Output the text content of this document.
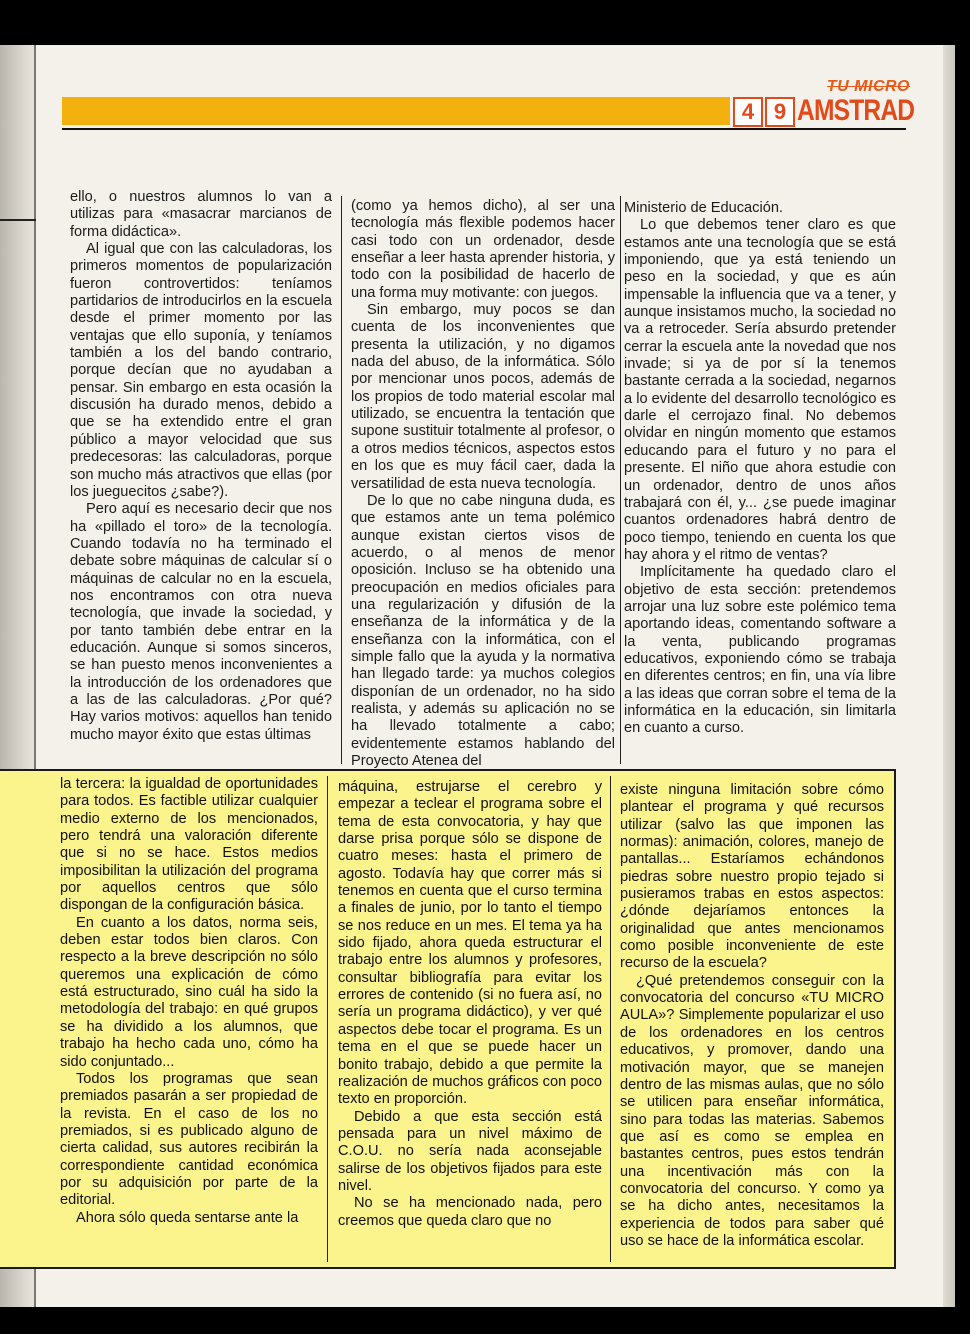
TU MICRO
4 9 AMSTRAD

ello, o nuestros alumnos lo van a utilizas para «masacrar marcianos de forma didáctica».

Al igual que con las calculadoras, los primeros momentos de popularización fueron controvertidos: teníamos partidarios de introducirlos en la escuela desde el primer momento por las ventajas que ello suponía, y teníamos también a los del bando contrario, porque decían que no ayudaban a pensar. Sin embargo en esta ocasión la discusión ha durado menos, debido a que se ha extendido entre el gran público a mayor velocidad que sus predecesoras: las calculadoras, porque son mucho más atractivos que ellas (por los jueguecitos ¿sabe?).

Pero aquí es necesario decir que nos ha «pillado el toro» de la tecnología. Cuando todavía no ha terminado el debate sobre máquinas de calcular sí o máquinas de calcular no en la escuela, nos encontramos con otra nueva tecnología, que invade la sociedad, y por tanto también debe entrar en la educación. Aunque si somos sinceros, se han puesto menos inconvenientes a la introducción de los ordenadores que a las de las calculadoras. ¿Por qué? Hay varios motivos: aquellos han tenido mucho mayor éxito que estas últimas

(como ya hemos dicho), al ser una tecnología más flexible podemos hacer casi todo con un ordenador, desde enseñar a leer hasta aprender historia, y todo con la posibilidad de hacerlo de una forma muy motivante: con juegos.

Sin embargo, muy pocos se dan cuenta de los inconvenientes que presenta la utilización, y no digamos nada del abuso, de la informática. Sólo por mencionar unos pocos, además de los propios de todo material escolar mal utilizado, se encuentra la tentación que supone sustituir totalmente al profesor, o a otros medios técnicos, aspectos estos en los que es muy fácil caer, dada la versatilidad de esta nueva tecnología.

De lo que no cabe ninguna duda, es que estamos ante un tema polémico aunque existan ciertos visos de acuerdo, o al menos de menor oposición. Incluso se ha obtenido una preocupación en medios oficiales para una regularización y difusión de la enseñanza de la informática y de la enseñanza con la informática, con el simple fallo que la ayuda y la normativa han llegado tarde: ya muchos colegios disponían de un ordenador, no ha sido realista, y además su aplicación no se ha llevado totalmente a cabo; evidentemente estamos hablando del Proyecto Atenea del

Ministerio de Educación.

Lo que debemos tener claro es que estamos ante una tecnología que se está imponiendo, que ya está teniendo un peso en la sociedad, y que es aún impensable la influencia que va a tener, y aunque insistamos mucho, la sociedad no va a retroceder. Sería absurdo pretender cerrar la escuela ante la novedad que nos invade; si ya de por sí la tenemos bastante cerrada a la sociedad, negarnos a lo evidente del desarrollo tecnológico es darle el cerrojazo final. No debemos olvidar en ningún momento que estamos educando para el futuro y no para el presente. El niño que ahora estudie con un ordenador, dentro de unos años trabajará con él, y... ¿se puede imaginar cuantos ordenadores habrá dentro de poco tiempo, teniendo en cuenta los que hay ahora y el ritmo de ventas?

Implícitamente ha quedado claro el objetivo de esta sección: pretendemos arrojar una luz sobre este polémico tema aportando ideas, comentando software a la venta, publicando programas educativos, exponiendo cómo se trabaja en diferentes centros; en fin, una vía libre a las ideas que corran sobre el tema de la informática en la educación, sin limitarla en cuanto a curso.

la tercera: la igualdad de oportunidades para todos. Es factible utilizar cualquier medio externo de los mencionados, pero tendrá una valoración diferente que si no se hace. Estos medios imposibilitan la utilización del programa por aquellos centros que sólo dispongan de la configuración básica.

En cuanto a los datos, norma seis, deben estar todos bien claros. Con respecto a la breve descripción no sólo queremos una explicación de cómo está estructurado, sino cuál ha sido la metodología del trabajo: en qué grupos se ha dividido a los alumnos, que trabajo ha hecho cada uno, cómo ha sido conjuntado...

Todos los programas que sean premiados pasarán a ser propiedad de la revista. En el caso de los no premiados, si es publicado alguno de cierta calidad, sus autores recibirán la correspondiente cantidad económica por su adquisición por parte de la editorial.

Ahora sólo queda sentarse ante la

máquina, estrujarse el cerebro y empezar a teclear el programa sobre el tema de esta convocatoria, y hay que darse prisa porque sólo se dispone de cuatro meses: hasta el primero de agosto. Todavía hay que correr más si tenemos en cuenta que el curso termina a finales de junio, por lo tanto el tiempo se nos reduce en un mes. El tema ya ha sido fijado, ahora queda estructurar el trabajo entre los alumnos y profesores, consultar bibliografía para evitar los errores de contenido (si no fuera así, no sería un programa didáctico), y ver qué aspectos debe tocar el programa. Es un tema en el que se puede hacer un bonito trabajo, debido a que permite la realización de muchos gráficos con poco texto en proporción.

Debido a que esta sección está pensada para un nivel máximo de C.O.U. no sería nada aconsejable salirse de los objetivos fijados para este nivel.

No se ha mencionado nada, pero creemos que queda claro que no

existe ninguna limitación sobre cómo plantear el programa y qué recursos utilizar (salvo las que imponen las normas): animación, colores, manejo de pantallas... Estaríamos echándonos piedras sobre nuestro propio tejado si pusieramos trabas en estos aspectos: ¿dónde dejaríamos entonces la originalidad que antes mencionamos como posible inconveniente de este recurso de la escuela?

¿Qué pretendemos conseguir con la convocatoria del concurso «TU MICRO AULA»? Simplemente popularizar el uso de los ordenadores en los centros educativos, y promover, dando una motivación mayor, que se manejen dentro de las mismas aulas, que no sólo se utilicen para enseñar informática, sino para todas las materias. Sabemos que así es como se emplea en bastantes centros, pues estos tendrán una incentivación más con la convocatoria del concurso. Y como ya se ha dicho antes, necesitamos la experiencia de todos para saber qué uso se hace de la informática escolar.
